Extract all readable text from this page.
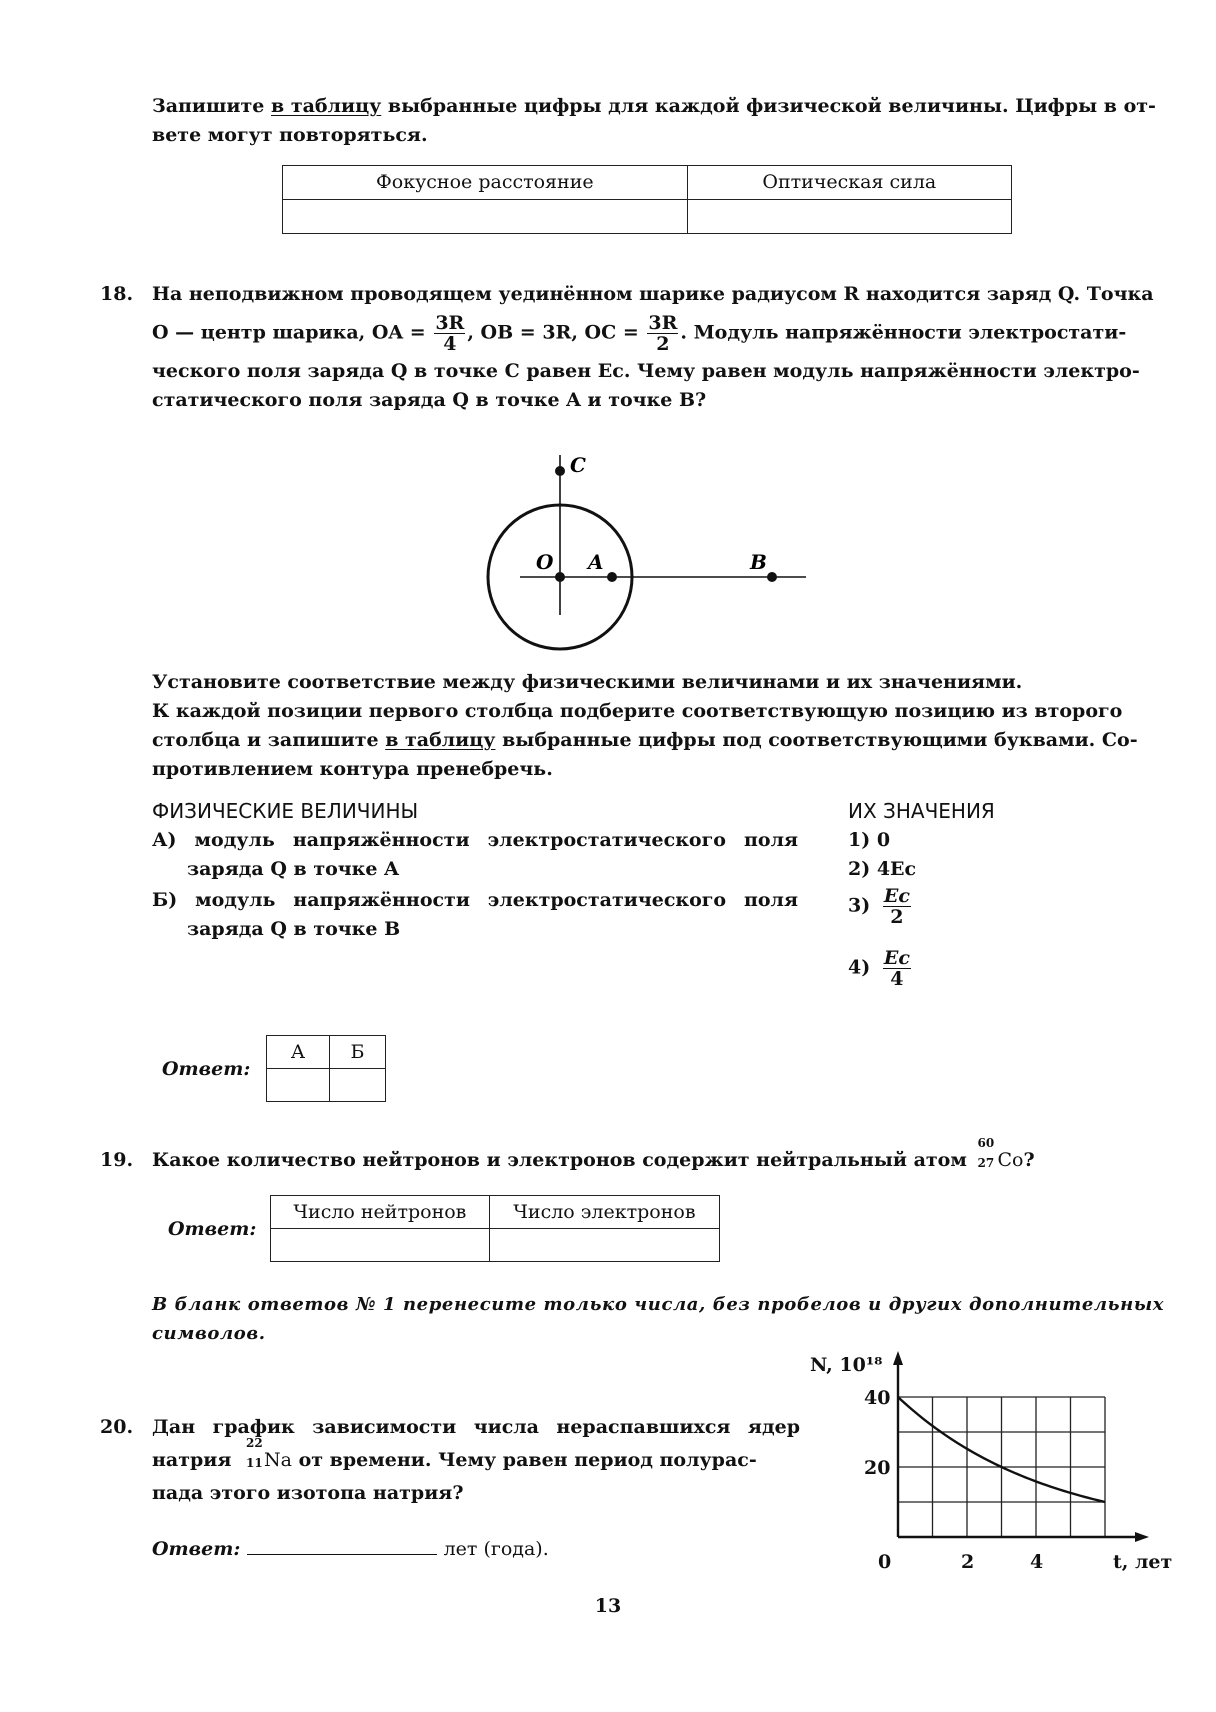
Запишите в таблицу выбранные цифры для каждой физической величины. Цифры в от-
вете могут повторяться.
Фокусное расстояние	Оптическая сила

18. На неподвижном проводящем уединённом шарике радиусом R находится заряд Q. Точка
O — центр шарика, OA = $\frac{3R}{4}$ , OB = 3R, OC = $\frac{3R}{2}$ . Модуль напряжённости электростати-
ческого поля заряда Q в точке C равен Eс. Чему равен модуль напряжённости электро-
статического поля заряда Q в точке A и точке B?
C
O A	B
Установите соответствие между физическими величинами и их значениями.
К каждой позиции первого столбца подберите соответствующую позицию из второго
столбца и запишите в таблицу выбранные цифры под соответствующими буквами. Со-
противлением контура пренебречь.
ФИЗИЧЕСКИЕ ВЕЛИЧИНЫ	ИХ ЗНАЧЕНИЯ
А) модуль напряжённости электростатического поля
заряда Q в точке A
Б) модуль напряжённости электростатического поля
заряда Q в точке B
1) 0
2) 4Eс
$3) \frac{Eс}{2}$
$4) \frac{Eс}{4}$
Ответ:
А	Б

19. Какое количество нейтронов и электронов содержит нейтральный атом
60
27 Co?
Ответ:
Число нейтронов	Число электронов

В бланк ответов № 1 перенесите только числа, без пробелов и других дополнительных
символов.
20. Дан график зависимости числа нераспавшихся ядер
натрия
22
11 Na от времени. Чему равен период полурас-
пада этого изотопа натрия?
Ответ:	лет (года).
20
40
0	2	4
N, 10¹⁸
t, лет
13
